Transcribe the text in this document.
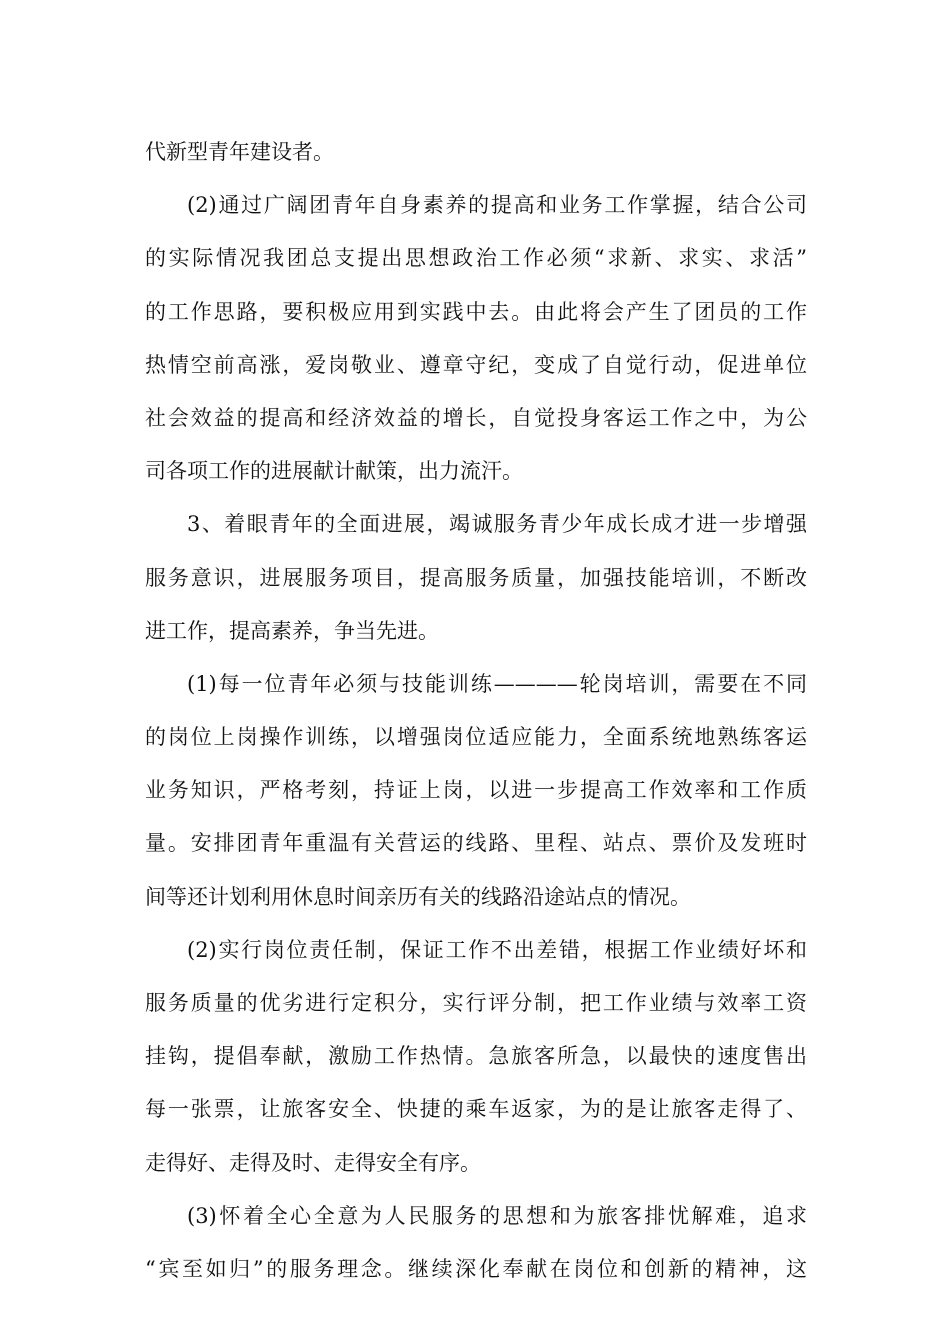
代新型青年建设者。
(2)通过广阔团青年自身素养的提高和业务工作掌握，结合公司
的实际情况我团总支提出思想政治工作必须“求新、求实、求活”
的工作思路，要积极应用到实践中去。由此将会产生了团员的工作
热情空前高涨，爱岗敬业、遵章守纪，变成了自觉行动，促进单位
社会效益的提高和经济效益的增长，自觉投身客运工作之中，为公
司各项工作的进展献计献策，出力流汗。
3、着眼青年的全面进展，竭诚服务青少年成长成才进一步增强
服务意识，进展服务项目，提高服务质量，加强技能培训，不断改
进工作，提高素养，争当先进。
(1)每一位青年必须与技能训练————轮岗培训，需要在不同
的岗位上岗操作训练，以增强岗位适应能力，全面系统地熟练客运
业务知识，严格考刻，持证上岗，以进一步提高工作效率和工作质
量。安排团青年重温有关营运的线路、里程、站点、票价及发班时
间等还计划利用休息时间亲历有关的线路沿途站点的情况。
(2)实行岗位责任制，保证工作不出差错，根据工作业绩好坏和
服务质量的优劣进行定积分，实行评分制，把工作业绩与效率工资
挂钩，提倡奉献，激励工作热情。急旅客所急，以最快的速度售出
每一张票，让旅客安全、快捷的乘车返家，为的是让旅客走得了、
走得好、走得及时、走得安全有序。
(3)怀着全心全意为人民服务的思想和为旅客排忧解难，追求
“宾至如归”的服务理念。继续深化奉献在岗位和创新的精神，这
